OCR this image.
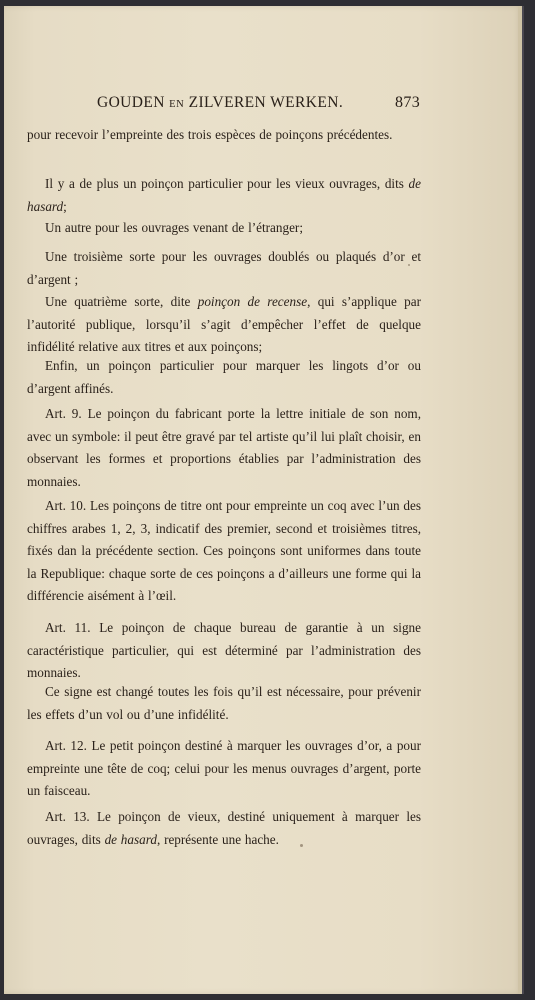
GOUDEN EN ZILVEREN WERKEN.	873
pour recevoir l’empreinte des trois espèces de poinçons précédentes.
Il y a de plus un poinçon particulier pour les vieux ouvrages, dits de hasard;
Un autre pour les ouvrages venant de l’étranger;
Une troisième sorte pour les ouvrages doublés ou plaqués d’or et d’argent ;
Une quatrième sorte, dite poinçon de recense, qui s’applique par l’autorité publique, lorsqu’il s’agit d’empêcher l’effet de quelque infidélité relative aux titres et aux poinçons;
Enfin, un poinçon particulier pour marquer les lingots d’or ou d’argent affinés.
Art. 9. Le poinçon du fabricant porte la lettre initiale de son nom, avec un symbole: il peut être gravé par tel artiste qu’il lui plaît choisir, en observant les formes et proportions établies par l’administration des monnaies.
Art. 10. Les poinçons de titre ont pour empreinte un coq avec l’un des chiffres arabes 1, 2, 3, indicatif des premier, second et troisièmes titres, fixés dan la précédente section. Ces poinçons sont uniformes dans toute la Republique: chaque sorte de ces poinçons a d’ailleurs une forme qui la différencie aisément à l’œil.
Art. 11. Le poinçon de chaque bureau de garantie à un signe caractéristique particulier, qui est déterminé par l’administration des monnaies.
Ce signe est changé toutes les fois qu’il est nécessaire, pour prévenir les effets d’un vol ou d’une infidélité.
Art. 12. Le petit poinçon destiné à marquer les ouvrages d’or, a pour empreinte une tête de coq; celui pour les menus ouvrages d’argent, porte un faisceau.
Art. 13. Le poinçon de vieux, destiné uniquement à marquer les ouvrages, dits de hasard, représente une hache.
